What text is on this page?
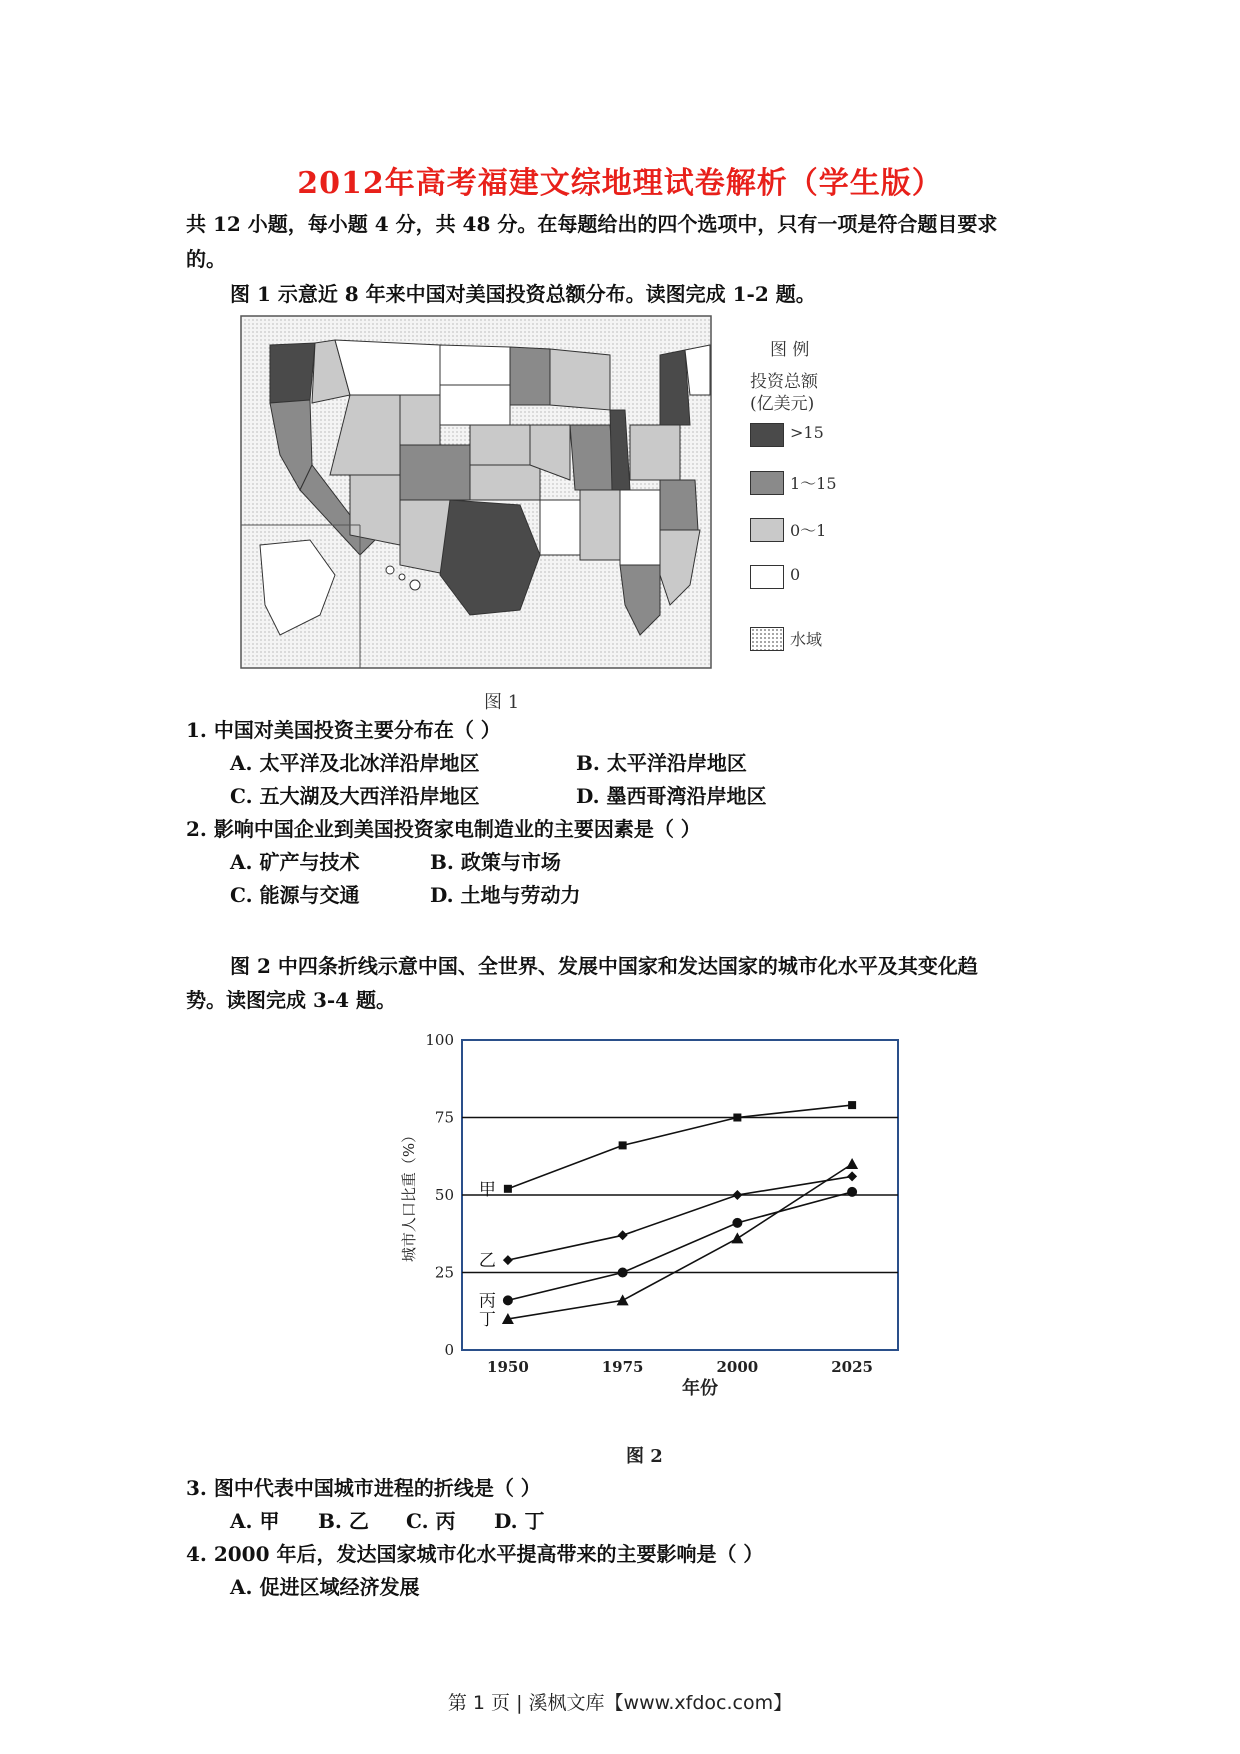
2012年高考福建文综地理试卷解析（学生版）
共 12 小题，每小题 4 分，共 48 分。在每题给出的四个选项中，只有一项是符合题目要求
的。
图 1 示意近 8 年来中国对美国投资总额分布。读图完成 1-2 题。
图 例
投资总额
(亿美元)
>15
1～15
0～1
0
水域
图 1
1. 中国对美国投资主要分布在（ ）
A. 太平洋及北冰洋沿岸地区	B. 太平洋沿岸地区
C. 五大湖及大西洋沿岸地区	D. 墨西哥湾沿岸地区
2. 影响中国企业到美国投资家电制造业的主要因素是（ ）
A. 矿产与技术	B. 政策与市场
C. 能源与交通	D. 土地与劳动力
图 2 中四条折线示意中国、全世界、发展中国家和发达国家的城市化水平及其变化趋
势。读图完成 3-4 题。
0
25
50
75
100
1950	1975	2000	2025
年份
城市人口比重（%）	甲
乙
丙
丁
图 2
3. 图中代表中国城市进程的折线是（ ）
A. 甲 B. 乙 C. 丙 D. 丁
4. 2000 年后，发达国家城市化水平提高带来的主要影响是（ ）
A. 促进区域经济发展
第 1 页 | 溪枫文库【www.xfdoc.com】
